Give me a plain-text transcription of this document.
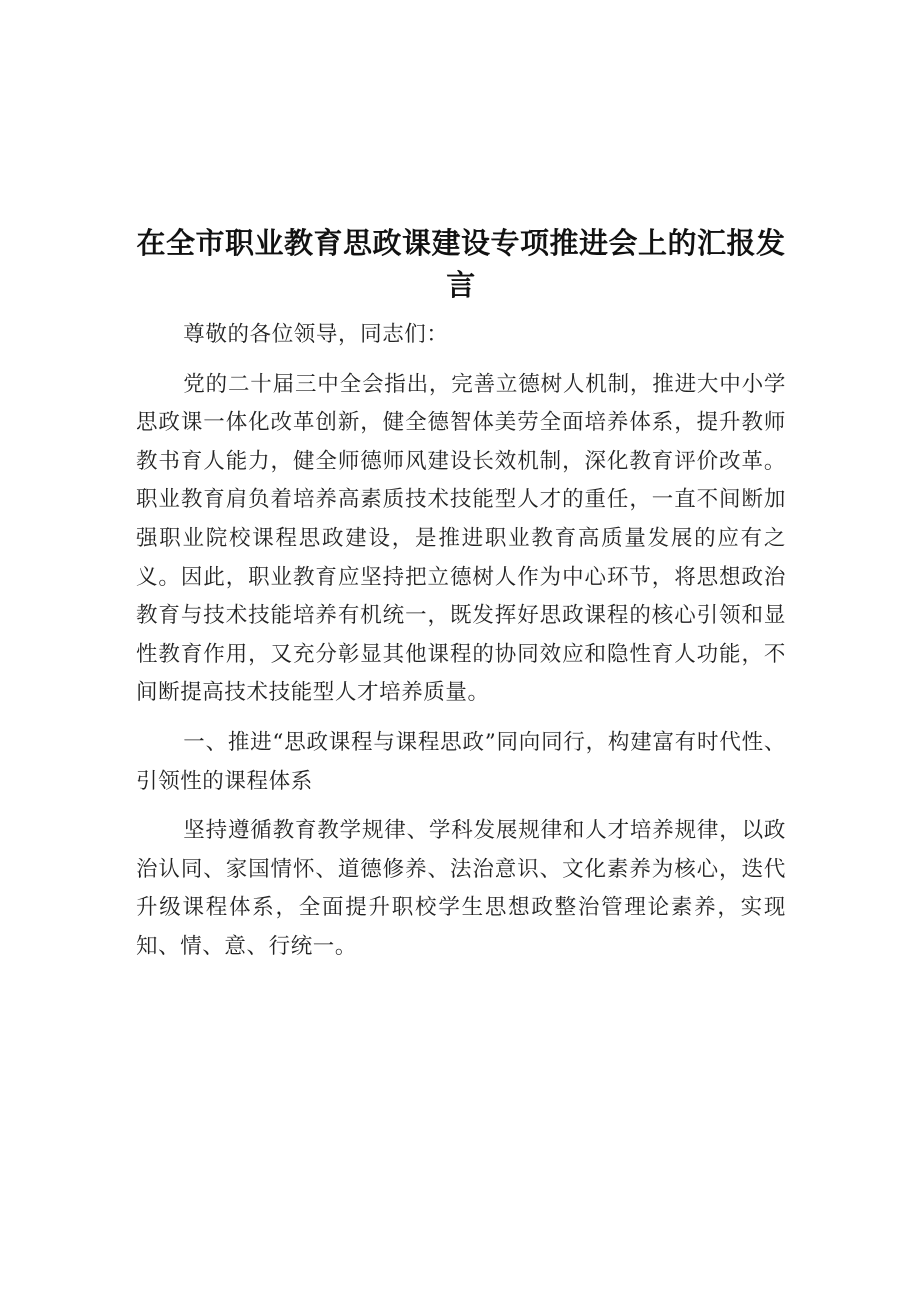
在全市职业教育思政课建设专项推进会上的汇报发言

尊敬的各位领导，同志们：

党的二十届三中全会指出，完善立德树人机制，推进大中小学思政课一体化改革创新，健全德智体美劳全面培养体系，提升教师教书育人能力，健全师德师风建设长效机制，深化教育评价改革。职业教育肩负着培养高素质技术技能型人才的重任，一直不间断加强职业院校课程思政建设，是推进职业教育高质量发展的应有之义。因此，职业教育应坚持把立德树人作为中心环节，将思想政治教育与技术技能培养有机统一，既发挥好思政课程的核心引领和显性教育作用，又充分彰显其他课程的协同效应和隐性育人功能，不间断提高技术技能型人才培养质量。

一、推进“思政课程与课程思政”同向同行，构建富有时代性、引领性的课程体系

坚持遵循教育教学规律、学科发展规律和人才培养规律，以政治认同、家国情怀、道德修养、法治意识、文化素养为核心，迭代升级课程体系，全面提升职校学生思想政整治管理论素养，实现知、情、意、行统一。
